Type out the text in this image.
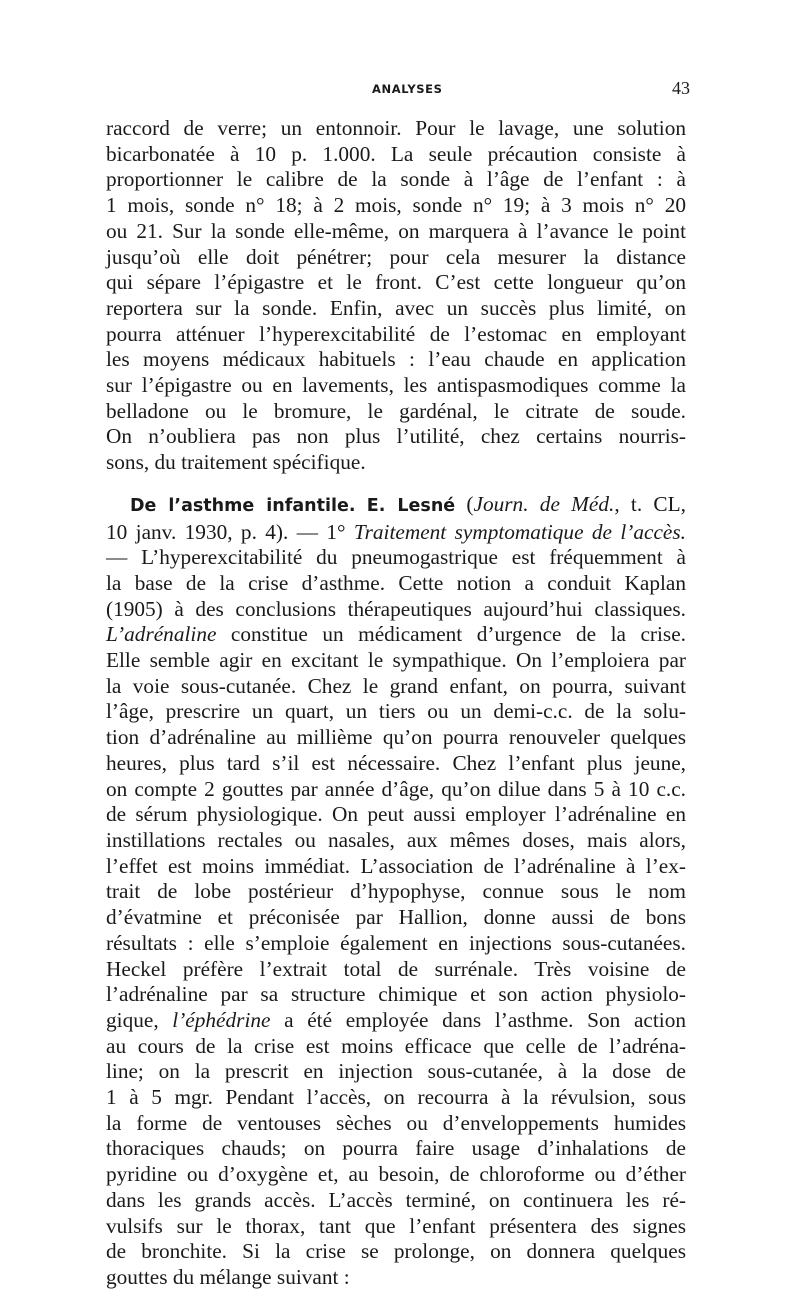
ANALYSES	43
raccord de verre; un entonnoir. Pour le lavage, une solution
bicarbonatée à 10 p. 1.000. La seule précaution consiste à
proportionner le calibre de la sonde à l’âge de l’enfant : à
1 mois, sonde n° 18; à 2 mois, sonde n° 19; à 3 mois n° 20
ou 21. Sur la sonde elle-même, on marquera à l’avance le point
jusqu’où elle doit pénétrer; pour cela mesurer la distance
qui sépare l’épigastre et le front. C’est cette longueur qu’on
reportera sur la sonde. Enfin, avec un succès plus limité, on
pourra atténuer l’hyperexcitabilité de l’estomac en employant
les moyens médicaux habituels : l’eau chaude en application
sur l’épigastre ou en lavements, les antispasmodiques comme la
belladone ou le bromure, le gardénal, le citrate de soude.
On n’oubliera pas non plus l’utilité, chez certains nourris-
sons, du traitement spécifique.
De l’asthme infantile. E. Lesné (Journ. de Méd., t. CL,
10 janv. 1930, p. 4). — 1° Traitement symptomatique de l’accès.
— L’hyperexcitabilité du pneumogastrique est fréquemment à
la base de la crise d’asthme. Cette notion a conduit Kaplan
(1905) à des conclusions thérapeutiques aujourd’hui classiques.
L’adrénaline constitue un médicament d’urgence de la crise.
Elle semble agir en excitant le sympathique. On l’emploiera par
la voie sous-cutanée. Chez le grand enfant, on pourra, suivant
l’âge, prescrire un quart, un tiers ou un demi-c.c. de la solu-
tion d’adrénaline au millième qu’on pourra renouveler quelques
heures, plus tard s’il est nécessaire. Chez l’enfant plus jeune,
on compte 2 gouttes par année d’âge, qu’on dilue dans 5 à 10 c.c.
de sérum physiologique. On peut aussi employer l’adrénaline en
instillations rectales ou nasales, aux mêmes doses, mais alors,
l’effet est moins immédiat. L’association de l’adrénaline à l’ex-
trait de lobe postérieur d’hypophyse, connue sous le nom
d’évatmine et préconisée par Hallion, donne aussi de bons
résultats : elle s’emploie également en injections sous-cutanées.
Heckel préfère l’extrait total de surrénale. Très voisine de
l’adrénaline par sa structure chimique et son action physiolo-
gique, l’éphédrine a été employée dans l’asthme. Son action
au cours de la crise est moins efficace que celle de l’adréna-
line; on la prescrit en injection sous-cutanée, à la dose de
1 à 5 mgr. Pendant l’accès, on recourra à la révulsion, sous
la forme de ventouses sèches ou d’enveloppements humides
thoraciques chauds; on pourra faire usage d’inhalations de
pyridine ou d’oxygène et, au besoin, de chloroforme ou d’éther
dans les grands accès. L’accès terminé, on continuera les ré-
vulsifs sur le thorax, tant que l’enfant présentera des signes
de bronchite. Si la crise se prolonge, on donnera quelques
gouttes du mélange suivant :
